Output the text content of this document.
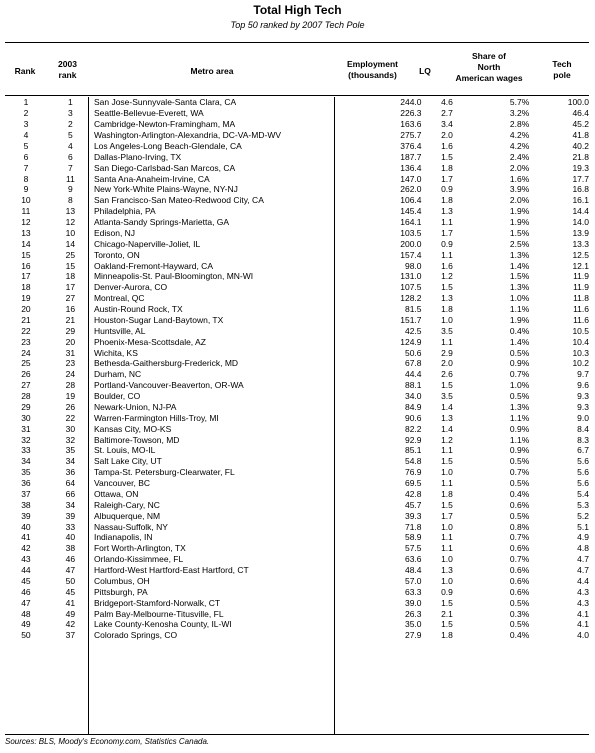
Total High Tech
Top 50 ranked by 2007 Tech Pole
Rank
2003
rank	Metro area
Employment
(thousands)	LQ
Share of
North
American wages
Tech
pole
1	1	San Jose-Sunnyvale-Santa Clara, CA	244.0	4.6	5.7%	100.0
2	3	Seattle-Bellevue-Everett, WA	226.3	2.7	3.2%	46.4
3	2	Cambridge-Newton-Framingham, MA	163.6	3.4	2.8%	45.2
4	5	Washington-Arlington-Alexandria, DC-VA-MD-WV	275.7	2.0	4.2%	41.8
5	4	Los Angeles-Long Beach-Glendale, CA	376.4	1.6	4.2%	40.2
6	6	Dallas-Plano-Irving, TX	187.7	1.5	2.4%	21.8
7	7	San Diego-Carlsbad-San Marcos, CA	136.4	1.8	2.0%	19.3
8	11	Santa Ana-Anaheim-Irvine, CA	147.0	1.7	1.6%	17.7
9	9	New York-White Plains-Wayne, NY-NJ	262.0	0.9	3.9%	16.8
10	8	San Francisco-San Mateo-Redwood City, CA	106.4	1.8	2.0%	16.1
11	13	Philadelphia, PA	145.4	1.3	1.9%	14.4
12	12	Atlanta-Sandy Springs-Marietta, GA	164.1	1.1	1.9%	14.0
13	10	Edison, NJ	103.5	1.7	1.5%	13.9
14	14	Chicago-Naperville-Joliet, IL	200.0	0.9	2.5%	13.3
15	25	Toronto, ON	157.4	1.1	1.3%	12.5
16	15	Oakland-Fremont-Hayward, CA	98.0	1.6	1.4%	12.1
17	18	Minneapolis-St. Paul-Bloomington, MN-WI	131.0	1.2	1.5%	11.9
18	17	Denver-Aurora, CO	107.5	1.5	1.3%	11.9
19	27	Montreal, QC	128.2	1.3	1.0%	11.8
20	16	Austin-Round Rock, TX	81.5	1.8	1.1%	11.6
21	21	Houston-Sugar Land-Baytown, TX	151.7	1.0	1.9%	11.6
22	29	Huntsville, AL	42.5	3.5	0.4%	10.5
23	20	Phoenix-Mesa-Scottsdale, AZ	124.9	1.1	1.4%	10.4
24	31	Wichita, KS	50.6	2.9	0.5%	10.3
25	23	Bethesda-Gaithersburg-Frederick, MD	67.8	2.0	0.9%	10.2
26	24	Durham, NC	44.4	2.6	0.7%	9.7
27	28	Portland-Vancouver-Beaverton, OR-WA	88.1	1.5	1.0%	9.6
28	19	Boulder, CO	34.0	3.5	0.5%	9.3
29	26	Newark-Union, NJ-PA	84.9	1.4	1.3%	9.3
30	22	Warren-Farmington Hills-Troy, MI	90.6	1.3	1.1%	9.0
31	30	Kansas City, MO-KS	82.2	1.4	0.9%	8.4
32	32	Baltimore-Towson, MD	92.9	1.2	1.1%	8.3
33	35	St. Louis, MO-IL	85.1	1.1	0.9%	6.7
34	34	Salt Lake City, UT	54.8	1.5	0.5%	5.6
35	36	Tampa-St. Petersburg-Clearwater, FL	76.9	1.0	0.7%	5.6
36	64	Vancouver, BC	69.5	1.1	0.5%	5.6
37	66	Ottawa, ON	42.8	1.8	0.4%	5.4
38	34	Raleigh-Cary, NC	45.7	1.5	0.6%	5.3
39	39	Albuquerque, NM	39.3	1.7	0.5%	5.2
40	33	Nassau-Suffolk, NY	71.8	1.0	0.8%	5.1
41	40	Indianapolis, IN	58.9	1.1	0.7%	4.9
42	38	Fort Worth-Arlington, TX	57.5	1.1	0.6%	4.8
43	46	Orlando-Kissimmee, FL	63.6	1.0	0.7%	4.7
44	47	Hartford-West Hartford-East Hartford, CT	48.4	1.3	0.6%	4.7
45	50	Columbus, OH	57.0	1.0	0.6%	4.4
46	45	Pittsburgh, PA	63.3	0.9	0.6%	4.3
47	41	Bridgeport-Stamford-Norwalk, CT	39.0	1.5	0.5%	4.3
48	49	Palm Bay-Melbourne-Titusville, FL	26.3	2.1	0.3%	4.1
49	42	Lake County-Kenosha County, IL-WI	35.0	1.5	0.5%	4.1
50	37	Colorado Springs, CO	27.9	1.8	0.4%	4.0
Sources: BLS, Moody's Economy.com, Statistics Canada.
